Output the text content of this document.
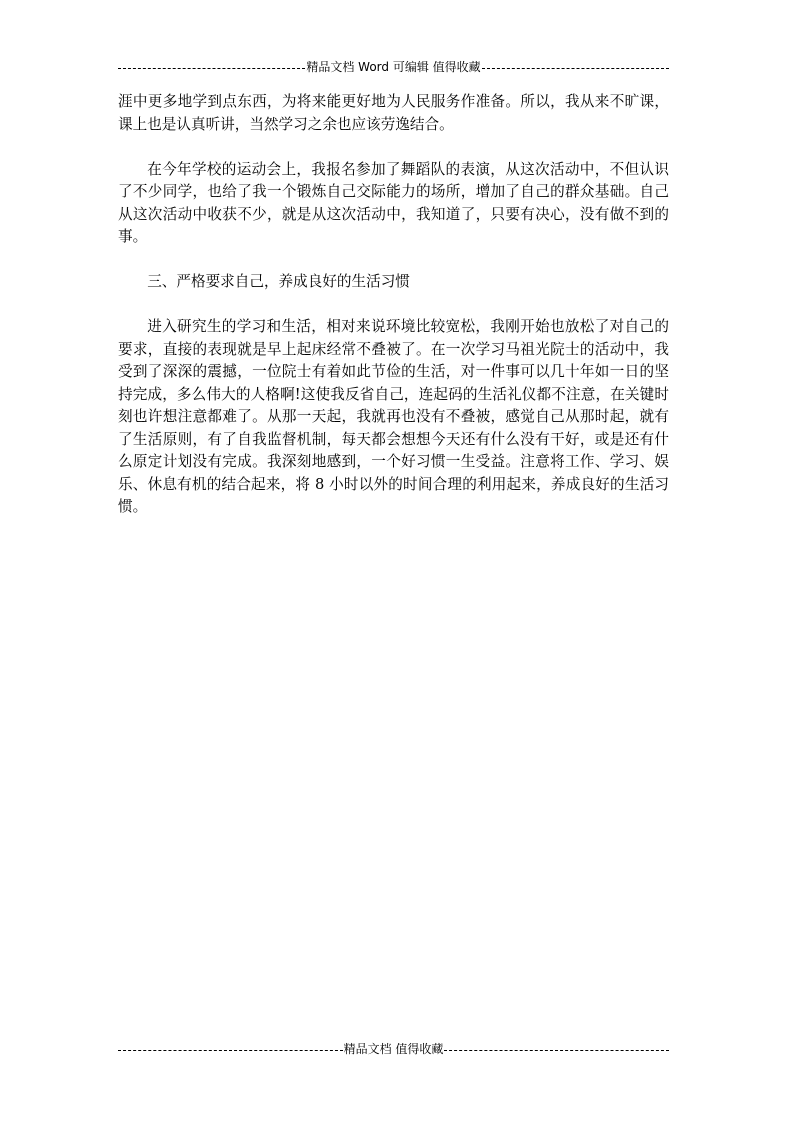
精品文档 Word 可编辑 值得收藏

涯中更多地学到点东西，为将来能更好地为人民服务作准备。所以，我从来不旷课，课上也是认真听讲，当然学习之余也应该劳逸结合。

在今年学校的运动会上，我报名参加了舞蹈队的表演，从这次活动中，不但认识了不少同学，也给了我一个锻炼自己交际能力的场所，增加了自己的群众基础。自己从这次活动中收获不少，就是从这次活动中，我知道了，只要有决心，没有做不到的事。

三、严格要求自己，养成良好的生活习惯

进入研究生的学习和生活，相对来说环境比较宽松，我刚开始也放松了对自己的要求，直接的表现就是早上起床经常不叠被了。在一次学习马祖光院士的活动中，我受到了深深的震撼，一位院士有着如此节俭的生活，对一件事可以几十年如一日的坚持完成，多么伟大的人格啊!这使我反省自己，连起码的生活礼仪都不注意，在关键时刻也许想注意都难了。从那一天起，我就再也没有不叠被，感觉自己从那时起，就有了生活原则，有了自我监督机制，每天都会想想今天还有什么没有干好，或是还有什么原定计划没有完成。我深刻地感到，一个好习惯一生受益。注意将工作、学习、娱乐、休息有机的结合起来，将 8 小时以外的时间合理的利用起来，养成良好的生活习惯。

精品文档 值得收藏
